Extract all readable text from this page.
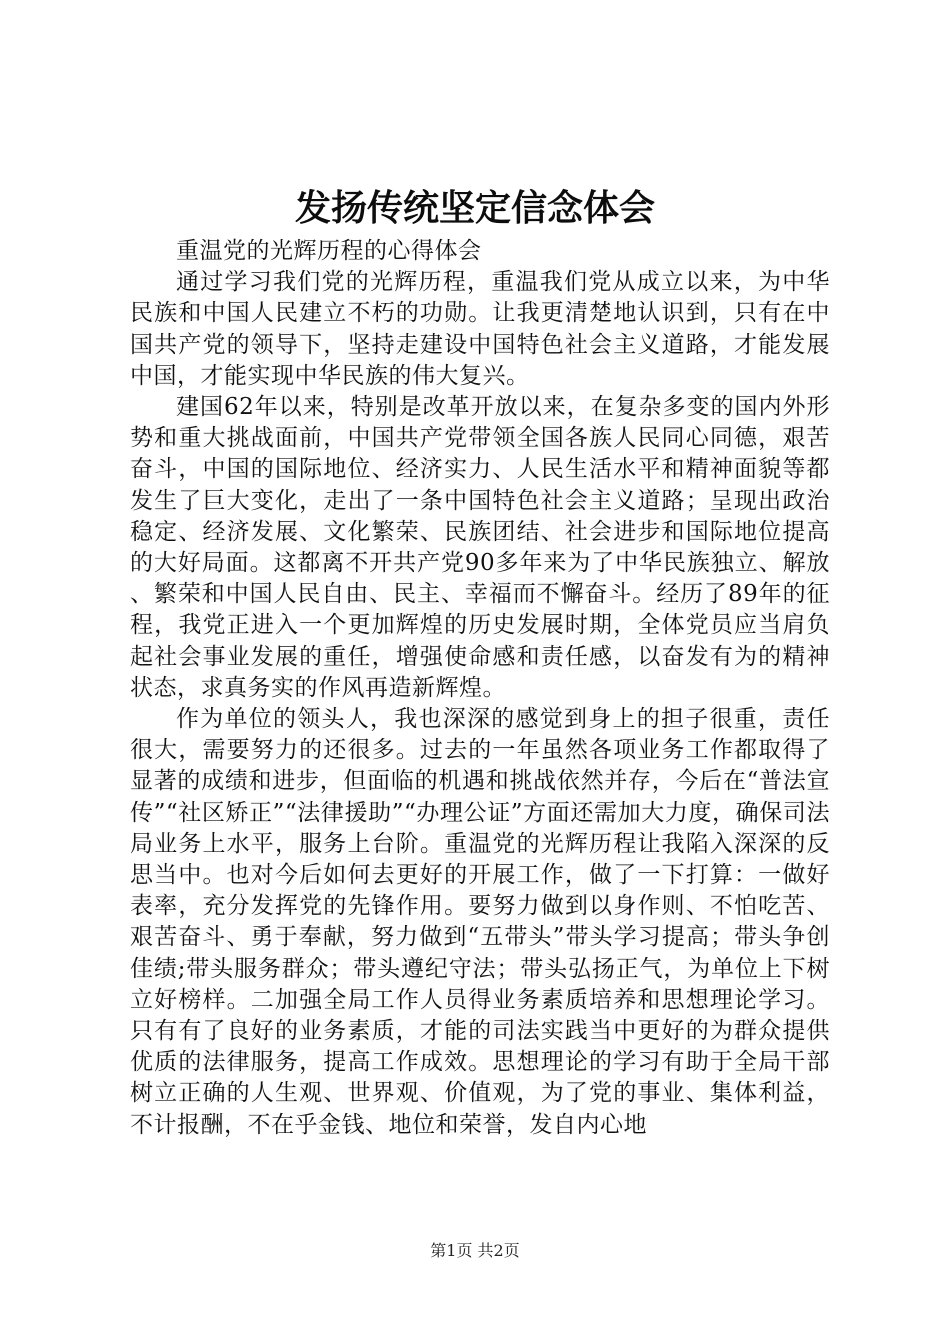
发扬传统坚定信念体会

重温党的光辉历程的心得体会

通过学习我们党的光辉历程，重温我们党从成立以来，为中华民族和中国人民建立不朽的功勋。让我更清楚地认识到，只有在中国共产党的领导下，坚持走建设中国特色社会主义道路，才能发展中国，才能实现中华民族的伟大复兴。

建国62年以来，特别是改革开放以来，在复杂多变的国内外形势和重大挑战面前，中国共产党带领全国各族人民同心同德，艰苦奋斗，中国的国际地位、经济实力、人民生活水平和精神面貌等都发生了巨大变化，走出了一条中国特色社会主义道路；呈现出政治稳定、经济发展、文化繁荣、民族团结、社会进步和国际地位提高的大好局面。这都离不开共产党90多年来为了中华民族独立、解放、繁荣和中国人民自由、民主、幸福而不懈奋斗。经历了89年的征程，我党正进入一个更加辉煌的历史发展时期，全体党员应当肩负起社会事业发展的重任，增强使命感和责任感，以奋发有为的精神状态，求真务实的作风再造新辉煌。

作为单位的领头人，我也深深的感觉到身上的担子很重，责任很大，需要努力的还很多。过去的一年虽然各项业务工作都取得了显著的成绩和进步，但面临的机遇和挑战依然并存，今后在“普法宣传”“社区矫正”“法律援助”“办理公证”方面还需加大力度，确保司法局业务上水平，服务上台阶。重温党的光辉历程让我陷入深深的反思当中。也对今后如何去更好的开展工作，做了一下打算：一做好表率，充分发挥党的先锋作用。要努力做到以身作则、不怕吃苦、艰苦奋斗、勇于奉献，努力做到“五带头”带头学习提高；带头争创佳绩;带头服务群众；带头遵纪守法；带头弘扬正气，为单位上下树立好榜样。二加强全局工作人员得业务素质培养和思想理论学习。只有有了良好的业务素质，才能的司法实践当中更好的为群众提供优质的法律服务，提高工作成效。思想理论的学习有助于全局干部树立正确的人生观、世界观、价值观，为了党的事业、集体利益，不计报酬，不在乎金钱、地位和荣誉，发自内心地

第1页 共2页
